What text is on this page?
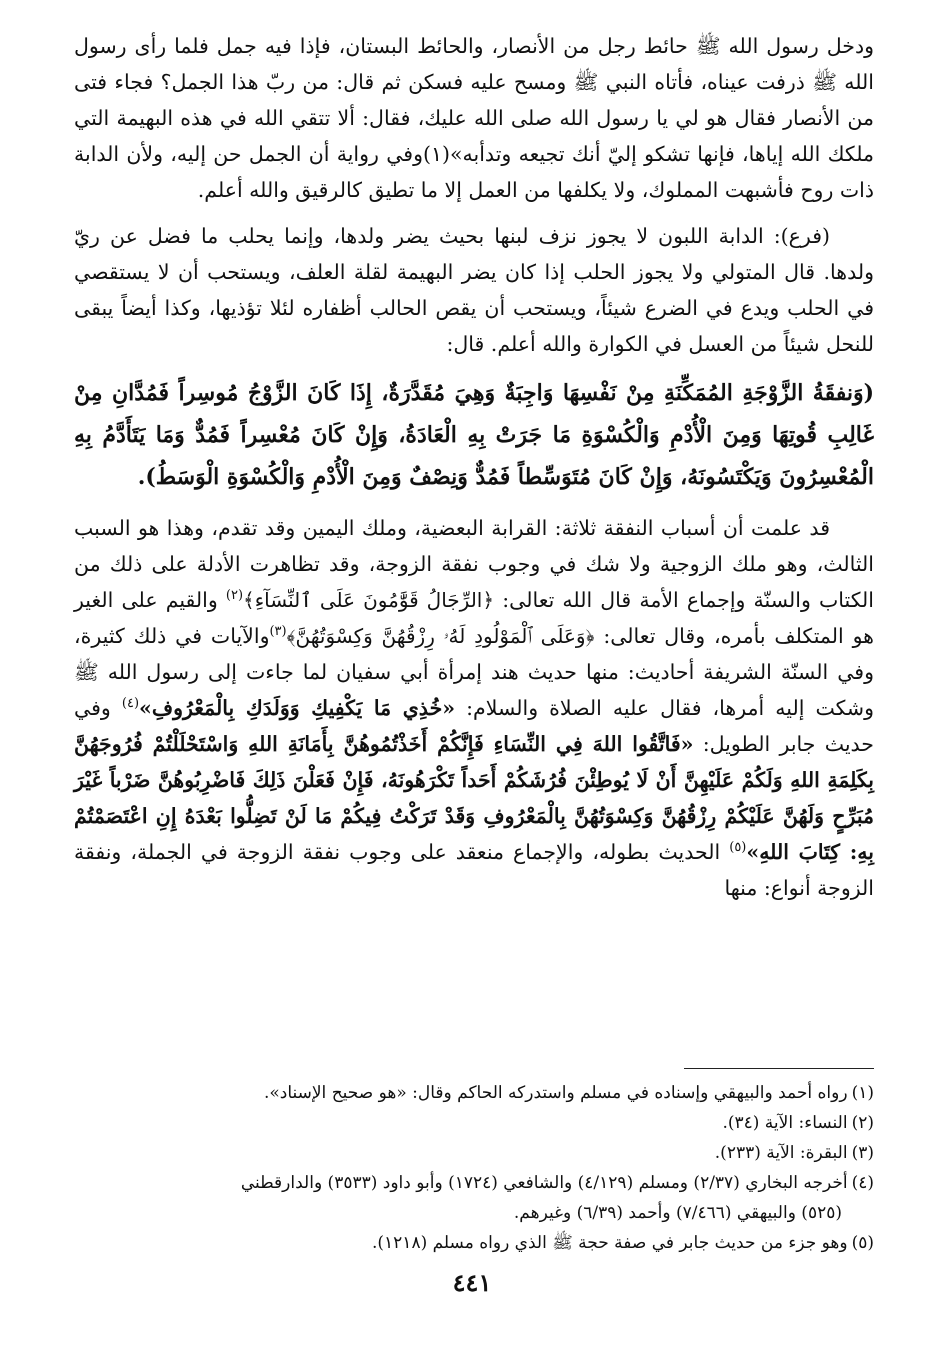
ودخل رسول الله ﷺ حائط رجل من الأنصار، والحائط البستان، فإذا فيه جمل فلما رأى رسول الله ﷺ ذرفت عيناه، فأتاه النبي ﷺ ومسح عليه فسكن ثم قال: من ربّ هذا الجمل؟ فجاء فتى من الأنصار فقال هو لي يا رسول الله صلى الله عليك، فقال: ألا تتقي الله في هذه البهيمة التي ملكك الله إياها، فإنها تشكو إليّ أنك تجيعه وتدأبه»(١)وفي رواية أن الجمل حن إليه، ولأن الدابة ذات روح فأشبهت المملوك، ولا يكلفها من العمل إلا ما تطيق كالرقيق والله أعلم.

(فرع): الدابة اللبون لا يجوز نزف لبنها بحيث يضر ولدها، وإنما يحلب ما فضل عن ريّ ولدها. قال المتولي ولا يجوز الحلب إذا كان يضر البهيمة لقلة العلف، ويستحب أن لا يستقصي في الحلب ويدع في الضرع شيئاً، ويستحب أن يقص الحالب أظفاره لئلا تؤذيها، وكذا أيضاً يبقى للنحل شيئاً من العسل في الكوارة والله أعلم. قال:

(وَنفقَةُ الزَّوْجَةِ المُمَكِّنَةِ مِنْ نَفْسِهَا وَاجِبَةٌ وَهِيَ مُقَدَّرَةٌ، إِذَا كَانَ الزَّوْجُ مُوسِراً فَمُدَّانِ مِنْ غَالِبِ قُوتِهَا وَمِنَ الْأُدْمِ وَالْكُسْوَةِ مَا جَرَتْ بِهِ الْعَادَةُ، وَإِنْ كَانَ مُعْسِراً فَمُدٌّ وَمَا يَتَأَدَّمُ بِهِ الْمُعْسِرُونَ وَيَكْتَسُونَهُ، وَإِنْ كَانَ مُتَوَسِّطاً فَمُدٌّ وَنِصْفٌ وَمِنَ الْأُدْمِ وَالْكُسْوَةِ الْوَسَطُ).

قد علمت أن أسباب النفقة ثلاثة: القرابة البعضية، وملك اليمين وقد تقدم، وهذا هو السبب الثالث، وهو ملك الزوجية ولا شك في وجوب نفقة الزوجة، وقد تظاهرت الأدلة على ذلك من الكتاب والسنّة وإجماع الأمة قال الله تعالى: ﴿الرِّجَالُ قَوَّٰمُونَ عَلَى ٱلنِّسَآءِ﴾$^{(٢)}$ والقيم على الغير هو المتكلف بأمره، وقال تعالى: ﴿وَعَلَى ٱلْمَوْلُودِ لَهُۥ رِزْقُهُنَّ وَكِسْوَتُهُنَّ﴾$^{(٣)}$والآيات في ذلك كثيرة، وفي السنّة الشريفة أحاديث: منها حديث هند إمرأة أبي سفيان لما جاءت إلى رسول الله ﷺ وشكت إليه أمرها، فقال عليه الصلاة والسلام: «خُذِي مَا يَكْفِيكِ وَوَلَدَكِ بِالْمَعْرُوفِ»$^{(٤)}$ وفي حديث جابر الطويل: «فَاتَّقُوا اللهَ فِي النِّسَاءِ فَإِنَّكُمْ أَخَذْتُمُوهُنَّ بِأَمَانَةِ اللهِ وَاسْتَحْلَلْتُمْ فُرُوجَهُنَّ بِكَلِمَةِ اللهِ وَلَكُمْ عَلَيْهِنَّ أَنْ لَا يُوطِئْنَ فُرُشَكُمْ أَحَداً تَكْرَهُونَهُ، فَإِنْ فَعَلْنَ ذَلِكَ فَاضْرِبُوهُنَّ ضَرْباً غَيْرَ مُبَرِّحٍ وَلَهُنَّ عَلَيْكُمْ رِزْقُهُنَّ وَكِسْوَتُهُنَّ بِالْمَعْرُوفِ وَقَدْ تَرَكْتُ فِيكُمْ مَا لَنْ تَضِلُّوا بَعْدَهُ إِنِ اعْتَصَمْتُمْ بِهِ: كِتَابَ اللهِ»$^{(٥)}$ الحديث بطوله، والإجماع منعقد على وجوب نفقة الزوجة في الجملة، ونفقة الزوجة أنواع: منها

(١)رواه أحمد والبيهقي وإسناده في مسلم واستدركه الحاكم وقال: «هو صحيح الإسناد».

(٢)النساء: الآية (٣٤).

(٣)البقرة: الآية (٢٣٣).

(٤)أخرجه البخاري (٢/٣٧) ومسلم (٤/١٢٩) والشافعي (١٧٢٤) وأبو داود (٣٥٣٣) والدارقطني

(٥٢٥) والبيهقي (٧/٤٦٦) وأحمد (٦/٣٩) وغيرهم.

(٥)وهو جزء من حديث جابر في صفة حجة ﷺ الذي رواه مسلم (١٢١٨).

٤٤١
